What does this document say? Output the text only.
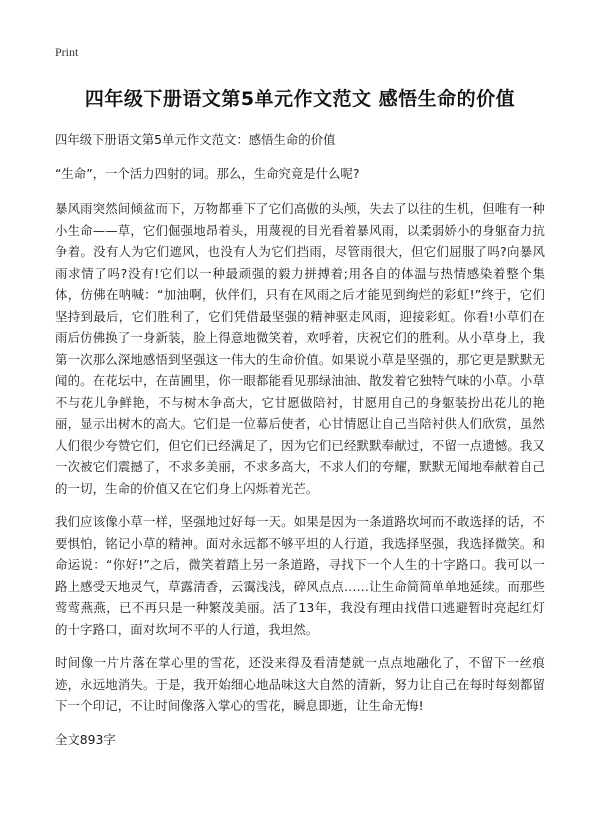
Print
四年级下册语文第5单元作文范文 感悟生命的价值

四年级下册语文第5单元作文范文：感悟生命的价值

“生命”，一个活力四射的词。那么，生命究竟是什么呢?

暴风雨突然间倾盆而下，万物都垂下了它们高傲的头颅，失去了以往的生机，但唯有一种小生命——草，它们倔强地昂着头，用蔑视的目光看着暴风雨，以柔弱娇小的身躯奋力抗争着。没有人为它们遮风，也没有人为它们挡雨，尽管雨很大，但它们屈服了吗?向暴风雨求情了吗?没有!它们以一种最顽强的毅力拼搏着;用各自的体温与热情感染着整个集体，仿佛在呐喊：“加油啊，伙伴们，只有在风雨之后才能见到绚烂的彩虹!”终于，它们坚持到最后，它们胜利了，它们凭借最坚强的精神驱走风雨，迎接彩虹。你看!小草们在雨后仿佛换了一身新装，脸上得意地微笑着，欢呼着，庆祝它们的胜利。从小草身上，我第一次那么深地感悟到坚强这一伟大的生命价值。如果说小草是坚强的，那它更是默默无闻的。在花坛中，在苗圃里，你一眼都能看见那绿油油、散发着它独特气味的小草。小草不与花儿争鲜艳，不与树木争高大，它甘愿做陪衬，甘愿用自己的身躯装扮出花儿的艳丽，显示出树木的高大。它们是一位幕后使者，心甘情愿让自己当陪衬供人们欣赏，虽然人们很少夸赞它们，但它们已经满足了，因为它们已经默默奉献过，不留一点遗憾。我又一次被它们震撼了，不求多美丽，不求多高大，不求人们的夸耀，默默无闻地奉献着自己的一切，生命的价值又在它们身上闪烁着光芒。

我们应该像小草一样，坚强地过好每一天。如果是因为一条道路坎坷而不敢选择的话，不要惧怕，铭记小草的精神。面对永远都不够平坦的人行道，我选择坚强，我选择微笑。和命运说：“你好!”之后，微笑着踏上另一条道路，寻找下一个人生的十字路口。我可以一路上感受天地灵气，草露清香，云霭浅浅，碎风点点……让生命简简单单地延续。而那些莺莺燕燕，已不再只是一种繁茂美丽。活了13年，我没有理由找借口逃避暂时亮起红灯的十字路口，面对坎坷不平的人行道，我坦然。

时间像一片片落在掌心里的雪花，还没来得及看清楚就一点点地融化了，不留下一丝痕迹，永远地消失。于是，我开始细心地品味这大自然的清新，努力让自己在每时每刻都留下一个印记，不让时间像落入掌心的雪花，瞬息即逝，让生命无悔!

全文893字
